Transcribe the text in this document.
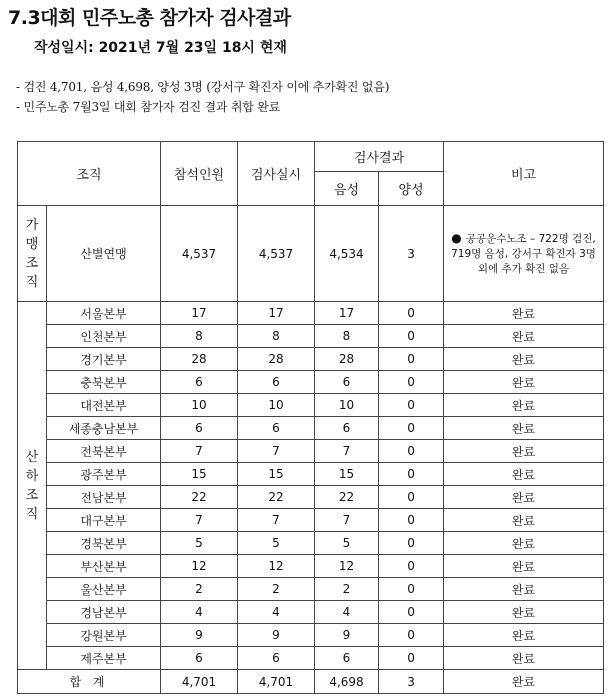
7.3대회 민주노총 참가자 검사결과
작성일시: 2021년 7월 23일 18시 현재
- 검진 4,701, 음성 4,698, 양성 3명 (강서구 확진자 이에 추가확진 없음)
- 민주노총 7월3일 대회 참가자 검진 결과 취합 완료
조직		참석인원	검사실시	검사결과		비고
				음성	양성	

가
맹
조
직	산별연맹	4,537	4,537	4,534	3	● 공공운수노조 – 722명 검진, 719명 음성, 강서구 확진자 3명 외에 추가 확진 없음

산
하
조
직	서울본부	17	17	17	0	완료
	인천본부	8	8	8	0	완료
	경기본부	28	28	28	0	완료
	충북본부	6	6	6	0	완료
	대전본부	10	10	10	0	완료
	세종충남본부	6	6	6	0	완료
	전북본부	7	7	7	0	완료
	광주본부	15	15	15	0	완료
	전남본부	22	22	22	0	완료
	대구본부	7	7	7	0	완료
	경북본부	5	5	5	0	완료
	부산본부	12	12	12	0	완료
	울산본부	2	2	2	0	완료
	경남본부	4	4	4	0	완료
	강원본부	9	9	9	0	완료
	제주본부	6	6	6	0	완료
합 계		4,701	4,701	4,698	3	완료
